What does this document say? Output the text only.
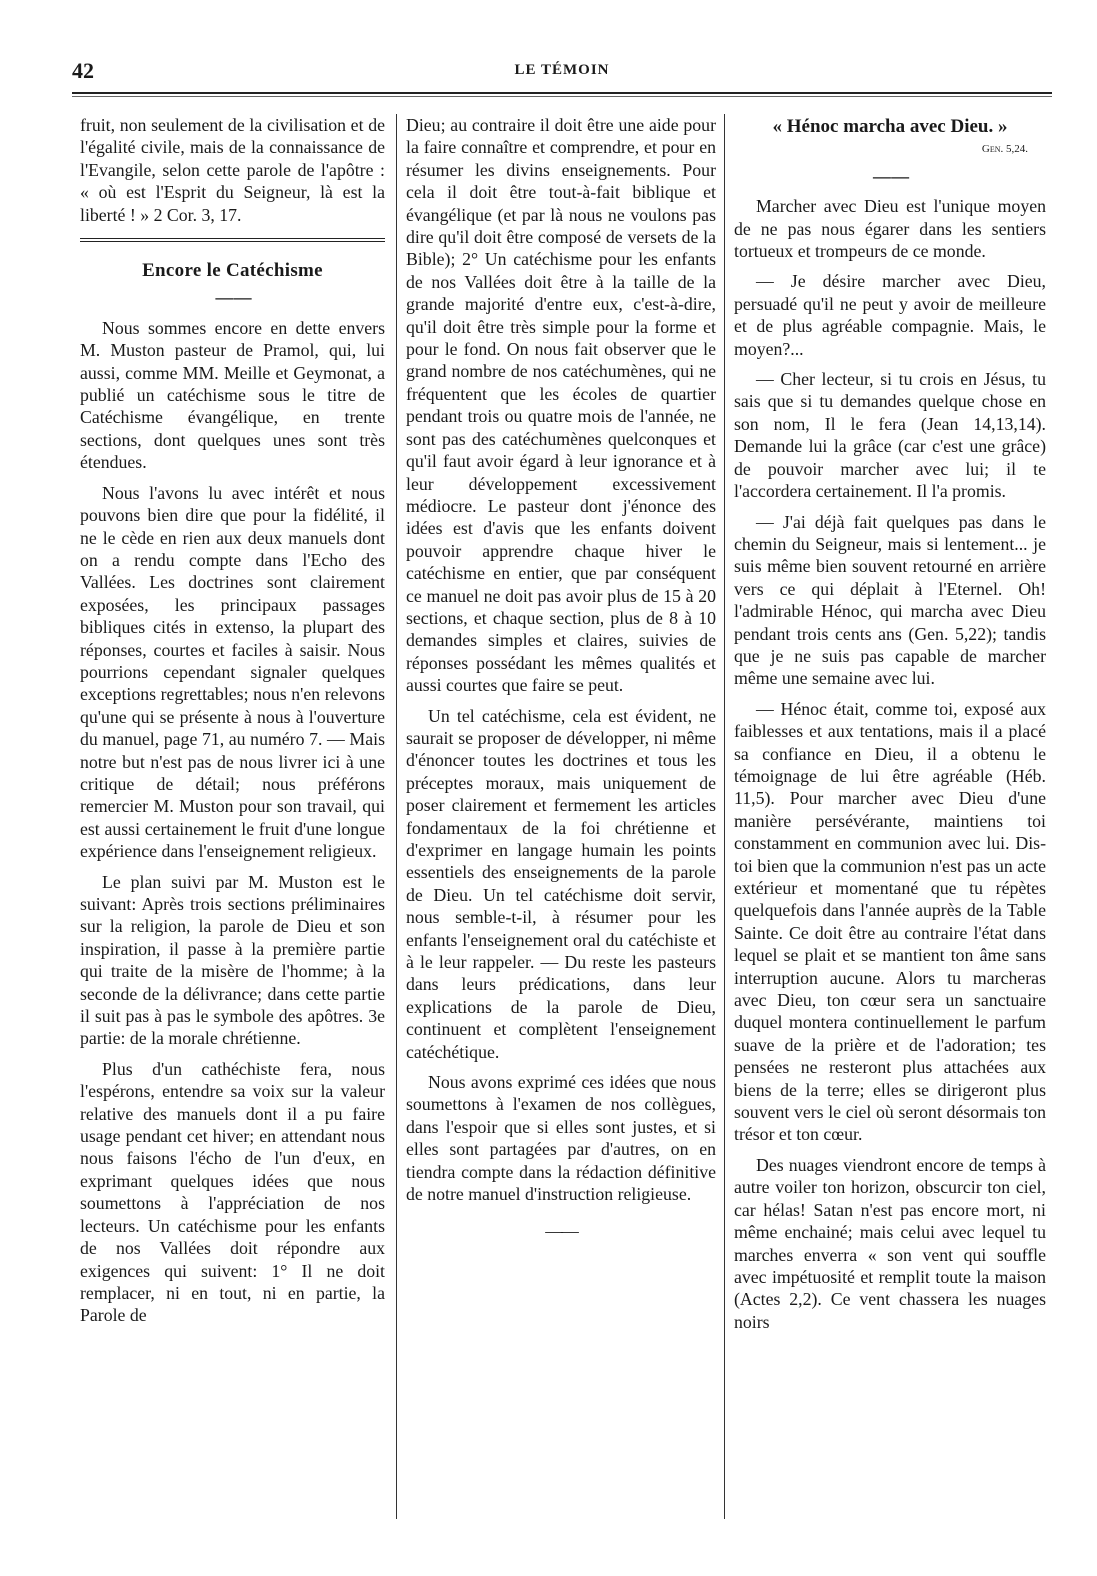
42	LE TÉMOIN

fruit, non seulement de la civilisation et de l'égalité civile, mais de la connaissance de l'Evangile, selon cette parole de l'apôtre : « où est l'Esprit du Seigneur, là est la liberté ! » 2 Cor. 3, 17.

Encore le Catéchisme
— —

Nous sommes encore en dette envers M. Muston pasteur de Pramol, qui, lui aussi, comme MM. Meille et Geymonat, a publié un catéchisme sous le titre de Catéchisme évangélique, en trente sections, dont quelques unes sont très étendues.

Nous l'avons lu avec intérêt et nous pouvons bien dire que pour la fidélité, il ne le cède en rien aux deux manuels dont on a rendu compte dans l'Echo des Vallées. Les doctrines sont clairement exposées, les principaux passages bibliques cités in extenso, la plupart des réponses, courtes et faciles à saisir. Nous pourrions cependant signaler quelques exceptions regrettables; nous n'en relevons qu'une qui se présente à nous à l'ouverture du manuel, page 71, au numéro 7. — Mais notre but n'est pas de nous livrer ici à une critique de détail; nous préférons remercier M. Muston pour son travail, qui est aussi certainement le fruit d'une longue expérience dans l'enseignement religieux.

Le plan suivi par M. Muston est le suivant: Après trois sections préliminaires sur la religion, la parole de Dieu et son inspiration, il passe à la première partie qui traite de la misère de l'homme; à la seconde de la délivrance; dans cette partie il suit pas à pas le symbole des apôtres. 3e partie: de la morale chrétienne.

Plus d'un cathéchiste fera, nous l'espérons, entendre sa voix sur la valeur relative des manuels dont il a pu faire usage pendant cet hiver; en attendant nous nous faisons l'écho de l'un d'eux, en exprimant quelques idées que nous soumettons à l'appréciation de nos lecteurs. Un catéchisme pour les enfants de nos Vallées doit répondre aux exigences qui suivent: 1° Il ne doit remplacer, ni en tout, ni en partie, la Parole de

Dieu; au contraire il doit être une aide pour la faire connaître et comprendre, et pour en résumer les divins enseignements. Pour cela il doit être tout-à-fait biblique et évangélique (et par là nous ne voulons pas dire qu'il doit être composé de versets de la Bible); 2° Un catéchisme pour les enfants de nos Vallées doit être à la taille de la grande majorité d'entre eux, c'est-à-dire, qu'il doit être très simple pour la forme et pour le fond. On nous fait observer que le grand nombre de nos catéchumènes, qui ne fréquentent que les écoles de quartier pendant trois ou quatre mois de l'année, ne sont pas des catéchumènes quelconques et qu'il faut avoir égard à leur ignorance et à leur développement excessivement médiocre. Le pasteur dont j'énonce des idées est d'avis que les enfants doivent pouvoir apprendre chaque hiver le catéchisme en entier, que par conséquent ce manuel ne doit pas avoir plus de 15 à 20 sections, et chaque section, plus de 8 à 10 demandes simples et claires, suivies de réponses possédant les mêmes qualités et aussi courtes que faire se peut.

Un tel catéchisme, cela est évident, ne saurait se proposer de développer, ni même d'énoncer toutes les doctrines et tous les préceptes moraux, mais uniquement de poser clairement et fermement les articles fondamentaux de la foi chrétienne et d'exprimer en langage humain les points essentiels des enseignements de la parole de Dieu. Un tel catéchisme doit servir, nous semble-t-il, à résumer pour les enfants l'enseignement oral du catéchiste et à le leur rappeler. — Du reste les pasteurs dans leurs prédications, dans leur explications de la parole de Dieu, continuent et complètent l'enseignement catéchétique.

Nous avons exprimé ces idées que nous soumettons à l'examen de nos collègues, dans l'espoir que si elles sont justes, et si elles sont partagées par d'autres, on en tiendra compte dans la rédaction définitive de notre manuel d'instruction religieuse.

——
« Hénoc marcha avec Dieu. »
Gen. 5,24.
— —

Marcher avec Dieu est l'unique moyen de ne pas nous égarer dans les sentiers tortueux et trompeurs de ce monde.

— Je désire marcher avec Dieu, persuadé qu'il ne peut y avoir de meilleure et de plus agréable compagnie. Mais, le moyen?...

— Cher lecteur, si tu crois en Jésus, tu sais que si tu demandes quelque chose en son nom, Il le fera (Jean 14,13,14). Demande lui la grâce (car c'est une grâce) de pouvoir marcher avec lui; il te l'accordera certainement. Il l'a promis.

— J'ai déjà fait quelques pas dans le chemin du Seigneur, mais si lentement... je suis même bien souvent retourné en arrière vers ce qui déplait à l'Eternel. Oh! l'admirable Hénoc, qui marcha avec Dieu pendant trois cents ans (Gen. 5,22); tandis que je ne suis pas capable de marcher même une semaine avec lui.

— Hénoc était, comme toi, exposé aux faiblesses et aux tentations, mais il a placé sa confiance en Dieu, il a obtenu le témoignage de lui être agréable (Héb. 11,5). Pour marcher avec Dieu d'une manière persévérante, maintiens toi constamment en communion avec lui. Dis-toi bien que la communion n'est pas un acte extérieur et momentané que tu répètes quelquefois dans l'année auprès de la Table Sainte. Ce doit être au contraire l'état dans lequel se plait et se mantient ton âme sans interruption aucune. Alors tu marcheras avec Dieu, ton cœur sera un sanctuaire duquel montera continuellement le parfum suave de la prière et de l'adoration; tes pensées ne resteront plus attachées aux biens de la terre; elles se dirigeront plus souvent vers le ciel où seront désormais ton trésor et ton cœur.

Des nuages viendront encore de temps à autre voiler ton horizon, obscurcir ton ciel, car hélas! Satan n'est pas encore mort, ni même enchainé; mais celui avec lequel tu marches enverra « son vent qui souffle avec impétuosité et remplit toute la maison (Actes 2,2). Ce vent chassera les nuages noirs
